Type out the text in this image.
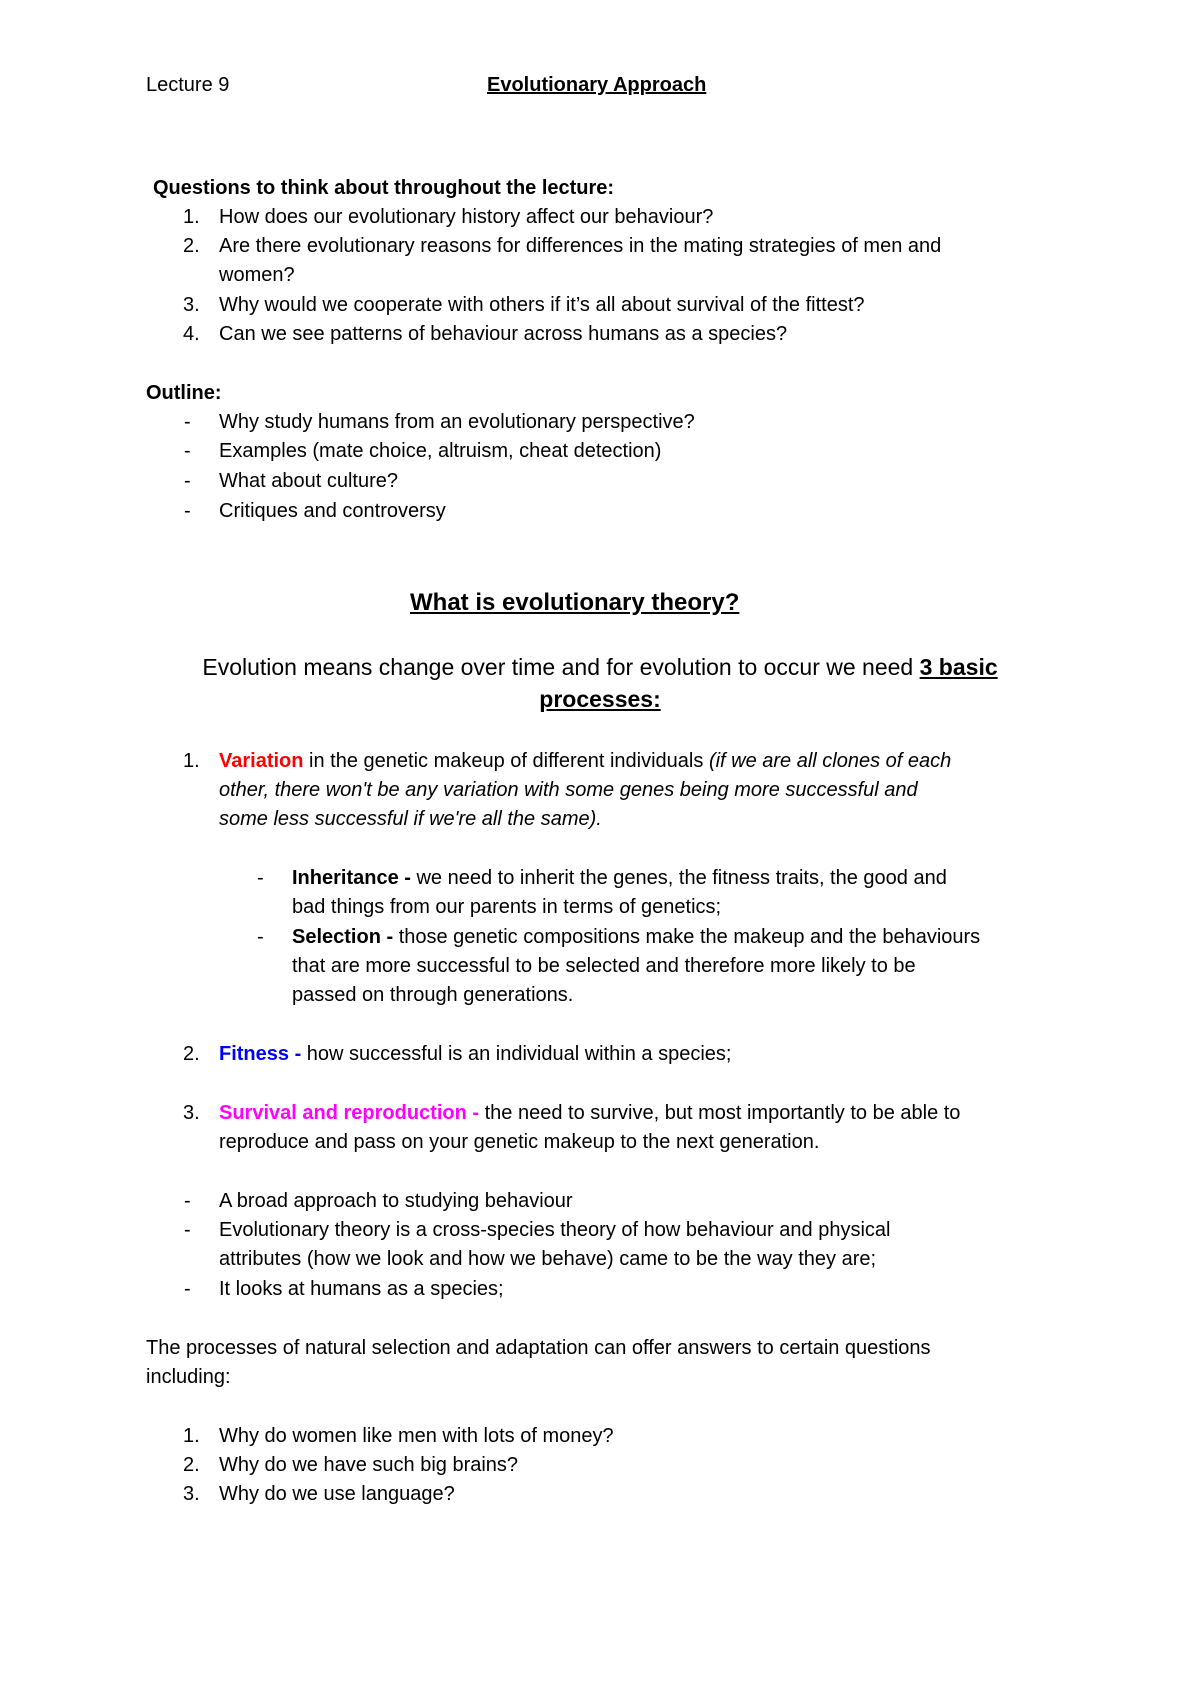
Lecture 9	Evolutionary Approach
Questions to think about throughout the lecture:
1. How does our evolutionary history affect our behaviour?
2. Are there evolutionary reasons for differences in the mating strategies of men and
women?
3. Why would we cooperate with others if it’s all about survival of the fittest?
4. Can we see patterns of behaviour across humans as a species?
Outline:
- Why study humans from an evolutionary perspective?
- Examples (mate choice, altruism, cheat detection)
- What about culture?
- Critiques and controversy
What is evolutionary theory?
Evolution means change over time and for evolution to occur we need 3 basic
processes:
1. Variation in the genetic makeup of different individuals (if we are all clones of each
other, there won't be any variation with some genes being more successful and
some less successful if we're all the same).
- Inheritance - we need to inherit the genes, the fitness traits, the good and
bad things from our parents in terms of genetics;
- Selection - those genetic compositions make the makeup and the behaviours
that are more successful to be selected and therefore more likely to be
passed on through generations.
2. Fitness - how successful is an individual within a species;
3. Survival and reproduction - the need to survive, but most importantly to be able to
reproduce and pass on your genetic makeup to the next generation.
- A broad approach to studying behaviour
- Evolutionary theory is a cross-species theory of how behaviour and physical
attributes (how we look and how we behave) came to be the way they are;
- It looks at humans as a species;
The processes of natural selection and adaptation can offer answers to certain questions
including:
1. Why do women like men with lots of money?
2. Why do we have such big brains?
3. Why do we use language?
